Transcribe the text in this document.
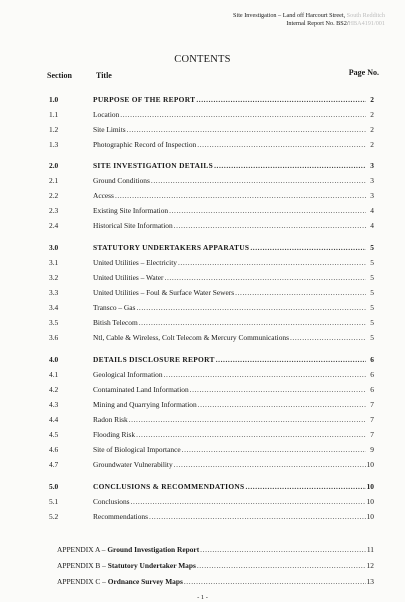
Site Investigation – Land off Harcourt Street, South Redditch
Internal Report No. BS2/HBA4191/001
CONTENTS
Section	Title	Page No.
1.0	PURPOSE OF THE REPORT .....	2
1.1	Location .....	2
1.2	Site Limits .....	2
1.3	Photographic Record of Inspection .....	2
2.0	SITE INVESTIGATION DETAILS .....	3
2.1	Ground Conditions .....	3
2.2	Access .....	3
2.3	Existing Site Information .....	4
2.4	Historical Site Information .....	4
3.0	STATUTORY UNDERTAKERS APPARATUS .....	5
3.1	United Utilities – Electricity .....	5
3.2	United Utilities – Water .....	5
3.3	United Utilities – Foul & Surface Water Sewers .....	5
3.4	Transco – Gas .....	5
3.5	Bitish Telecom .....	5
3.6	Ntl, Cable & Wireless, Colt Telecom & Mercury Communications .....	5
4.0	DETAILS DISCLOSURE REPORT .....	6
4.1	Geological Information .....	6
4.2	Contaminated Land Information .....	6
4.3	Mining and Quarrying Information .....	7
4.4	Radon Risk .....	7
4.5	Flooding Risk .....	7
4.6	Site of Biological Importance .....	9
4.7	Groundwater Vulnerability .....	10
5.0	CONCLUSIONS & RECOMMENDATIONS .....	10
5.1	Conclusions .....	10
5.2	Recommendations .....	10
APPENDIX A – Ground Investigation Report .....	11
APPENDIX B – Statutory Undertaker Maps .....	12
APPENDIX C – Ordnance Survey Maps .....	13
- 1 -
